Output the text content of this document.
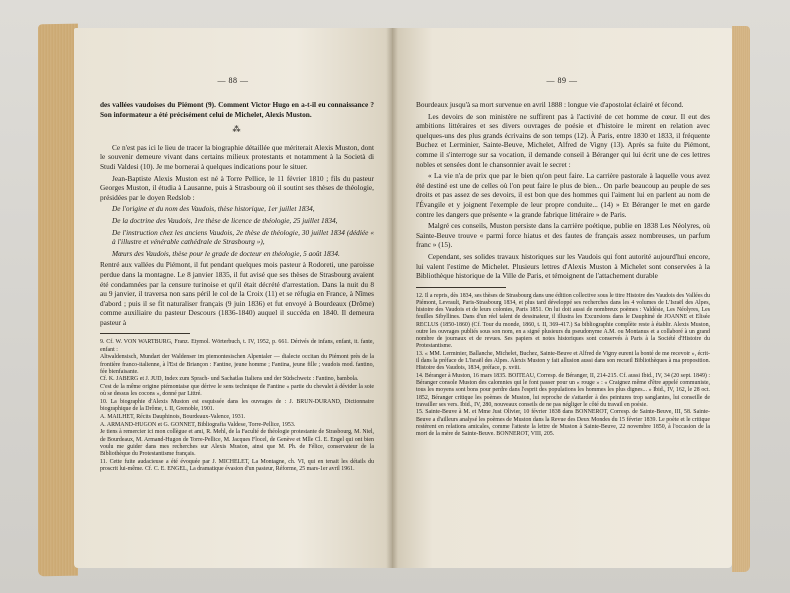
— 88 —

des vallées vaudoises du Piémont (9). Comment Victor Hugo en a-t-il eu connaissance ? Son informateur a été précisément celui de Michelet, Alexis Muston.

⁂

Ce n'est pas ici le lieu de tracer la biographie détaillée que mériterait Alexis Muston, dont le souvenir demeure vivant dans certains milieux protestants et notamment à la Società di Studi Valdesi (10). Je me bornerai à quelques indications pour le situer.

Jean-Baptiste Alexis Muston est né à Torre Pellice, le 11 février 1810 ; fils du pasteur Georges Muston, il étudia à Lausanne, puis à Strasbourg où il soutint ses thèses de théologie, présidées par le doyen Redslob :

De l'origine et du nom des Vaudois, thèse historique, 1er juillet 1834,

De la doctrine des Vaudois, 1re thèse de licence de théologie, 25 juillet 1834,

De l'instruction chez les anciens Vaudois, 2e thèse de théologie, 30 juillet 1834 (dédiée « à l'illustre et vénérable cathédrale de Strasbourg »),

Mœurs des Vaudois, thèse pour le grade de docteur en théologie, 5 août 1834.

Rentré aux vallées du Piémont, il fut pendant quelques mois pasteur à Rodoreti, une paroisse perdue dans la montagne. Le 8 janvier 1835, il fut avisé que ses thèses de Strasbourg avaient été condamnées par la censure turinoise et qu'il était décrété d'arrestation. Dans la nuit du 8 au 9 janvier, il traversa non sans péril le col de la Croix (11) et se réfugia en France, à Nîmes d'abord ; puis il se fit naturaliser français (9 juin 1836) et fut envoyé à Bourdeaux (Drôme) comme auxiliaire du pasteur Descours (1836-1840) auquel il succéda en 1840. Il demeura pasteur à

9. Cf. W. VON WARTBURG, Franz. Etymol. Wörterbuch, t. IV, 1952, p. 661. Dérivés de infans, enfant, it. fante, enfant :

Altwaldensisch, Mundart der Waldenser im piemontesischen Alpentaler — dialecte occitan du Piémont près de la frontière franco-italienne, à l'Est de Briançon : Fantine, jeune homme ; Fantina, jeune fille ; vaudois mod. fantino, fée bienfaisante.

Cf. K. JABERG et J. JUD, Index zum Sprach- und Sachatlas Italiens und der Südschweiz : Fantino, bambola.

C'est de la même origine piémontaise que dérive le sens technique de Fantine « partie du chevalet à dévider la soie où se dessus les cocons », donné par Littré.

10. La biographie d'Alexis Muston est esquissée dans les ouvrages de : J. BRUN-DURAND, Dictionnaire biographique de la Drôme, t. II, Grenoble, 1901.

A. MAILHET, Récits Dauphinois, Bourdeaux-Valence, 1931.

A. ARMAND-HUGON et G. GONNET, Bibliografia Valdese, Torre-Pellice, 1953.

Je tiens à remercier ici mon collègue et ami, R. Mehl, de la Faculté de théologie protestante de Strasbourg, M. Niel, de Bourdeaux, M. Armand-Hugon de Torre-Pellice, M. Jacques Flocel, de Genève et Mlle Cl. E. Engel qui ont bien voulu me guider dans mes recherches sur Alexis Muston, ainsi que M. Ph. de Félice, conservateur de la Bibliothèque du Protestantisme français.

11. Cette fuite audacieuse a été évoquée par J. MICHELET, La Montagne, ch. VI, qui en tenait les détails du proscrit lui-même. Cf. C. E. ENGEL, La dramatique évasion d'un pasteur, Réforme, 25 mars-1er avril 1961.

— 89 —

Bourdeaux jusqu'à sa mort survenue en avril 1888 : longue vie d'apostolat éclairé et fécond.

Les devoirs de son ministère ne suffirent pas à l'activité de cet homme de cœur. Il eut des ambitions littéraires et ses divers ouvrages de poésie et d'histoire le mirent en relation avec quelques-uns des plus grands écrivains de son temps (12). À Paris, entre 1830 et 1833, il fréquente Buchez et Lerminier, Sainte-Beuve, Michelet, Alfred de Vigny (13). Après sa fuite du Piémont, comme il s'interroge sur sa vocation, il demande conseil à Béranger qui lui écrit une de ces lettres nobles et sensées dont le chansonnier avait le secret :

« La vie n'a de prix que par le bien qu'on peut faire. La carrière pastorale à laquelle vous avez été destiné est une de celles où l'on peut faire le plus de bien... On parle beaucoup au peuple de ses droits et pas assez de ses devoirs, il est bon que des hommes qui l'aiment lui en parlent au nom de l'Évangile et y joignent l'exemple de leur propre conduite... (14) » Et Béranger le met en garde contre les dangers que présente « la grande fabrique littéraire » de Paris.

Malgré ces conseils, Muston persiste dans la carrière poétique, publie en 1838 Les Néolyres, où Sainte-Beuve trouve « parmi force hiatus et des fautes de français assez nombreuses, un parfum franc » (15).

Cependant, ses solides travaux historiques sur les Vaudois qui font autorité aujourd'hui encore, lui valent l'estime de Michelet. Plusieurs lettres d'Alexis Muston à Michelet sont conservées à la Bibliothèque historique de la Ville de Paris, et témoignent de l'attachement durable

12. Il a repris, dès 1834, ses thèses de Strasbourg dans une édition collective sous le titre Histoire des Vaudois des Vallées du Piémont, Levrault, Paris-Strasbourg 1834, et plus tard développé ses recherches dans les 4 volumes de L'Israël des Alpes, histoire des Vaudois et de leurs colonies, Paris 1851. On lui doit aussi de nombreux poèmes : Valdésie, Les Néolyres, Les feuilles Sibyllines. Dans d'un réel talent de dessinateur, il illustra les Excursions dans le Dauphiné de JOANNE et Elisée RECLUS (1850-1860) (Cf. Tour du monde, 1860, t. II, 369-417.) Sa bibliographie complète reste à établir. Alexis Muston, outre les ouvrages publiés sous son nom, en a signé plusieurs du pseudonyme A.M. ou Montanus et a collaboré à un grand nombre de journaux et de revues. Ses papiers et notes historiques sont conservés à Paris à la Société d'Histoire du Protestantisme.

13. « MM. Lerminier, Ballanche, Michelet, Buchez, Sainte-Beuve et Alfred de Vigny eurent la bonté de me recevoir », écrit-il dans la préface de L'Israël des Alpes. Alexis Muston y fait allusion aussi dans son recueil Bibliothèques à ma proposition. Histoire des Vaudois, 1834, préface, p. xviii.

14. Béranger à Muston, 16 mars 1835. BOITEAU, Corresp. de Béranger, II, 214-215. Cf. aussi Ibid., IV, 34 (20 sept. 1849) : Béranger console Muston des calomnies qui le font passer pour un « rouge » : « Craignez même d'être appelé communiste, tous les moyens sont bons pour perdre dans l'esprit des populations les hommes les plus dignes... » Ibid., IV, 162, le 28 oct. 1852, Béranger critique les poèmes de Muston, lui reproche de s'attarder à des peintures trop sanglantes, lui conseille de travailler ses vers. Ibid., IV, 280, nouveaux conseils de ne pas négliger le côté du travail en poésie.

15. Sainte-Beuve à M. et Mme Just Olivier, 10 février 1838 dans BONNEROT, Corresp. de Sainte-Beuve, III, 58. Sainte-Beuve a d'ailleurs analysé les poèmes de Muston dans la Revue des Deux Mondes du 15 février 1839. Le poète et le critique restèrent en relations amicales, comme l'atteste la lettre de Muston à Sainte-Beuve, 22 novembre 1850, à l'occasion de la mort de la mère de Sainte-Beuve. BONNEROT, VIII, 205.
